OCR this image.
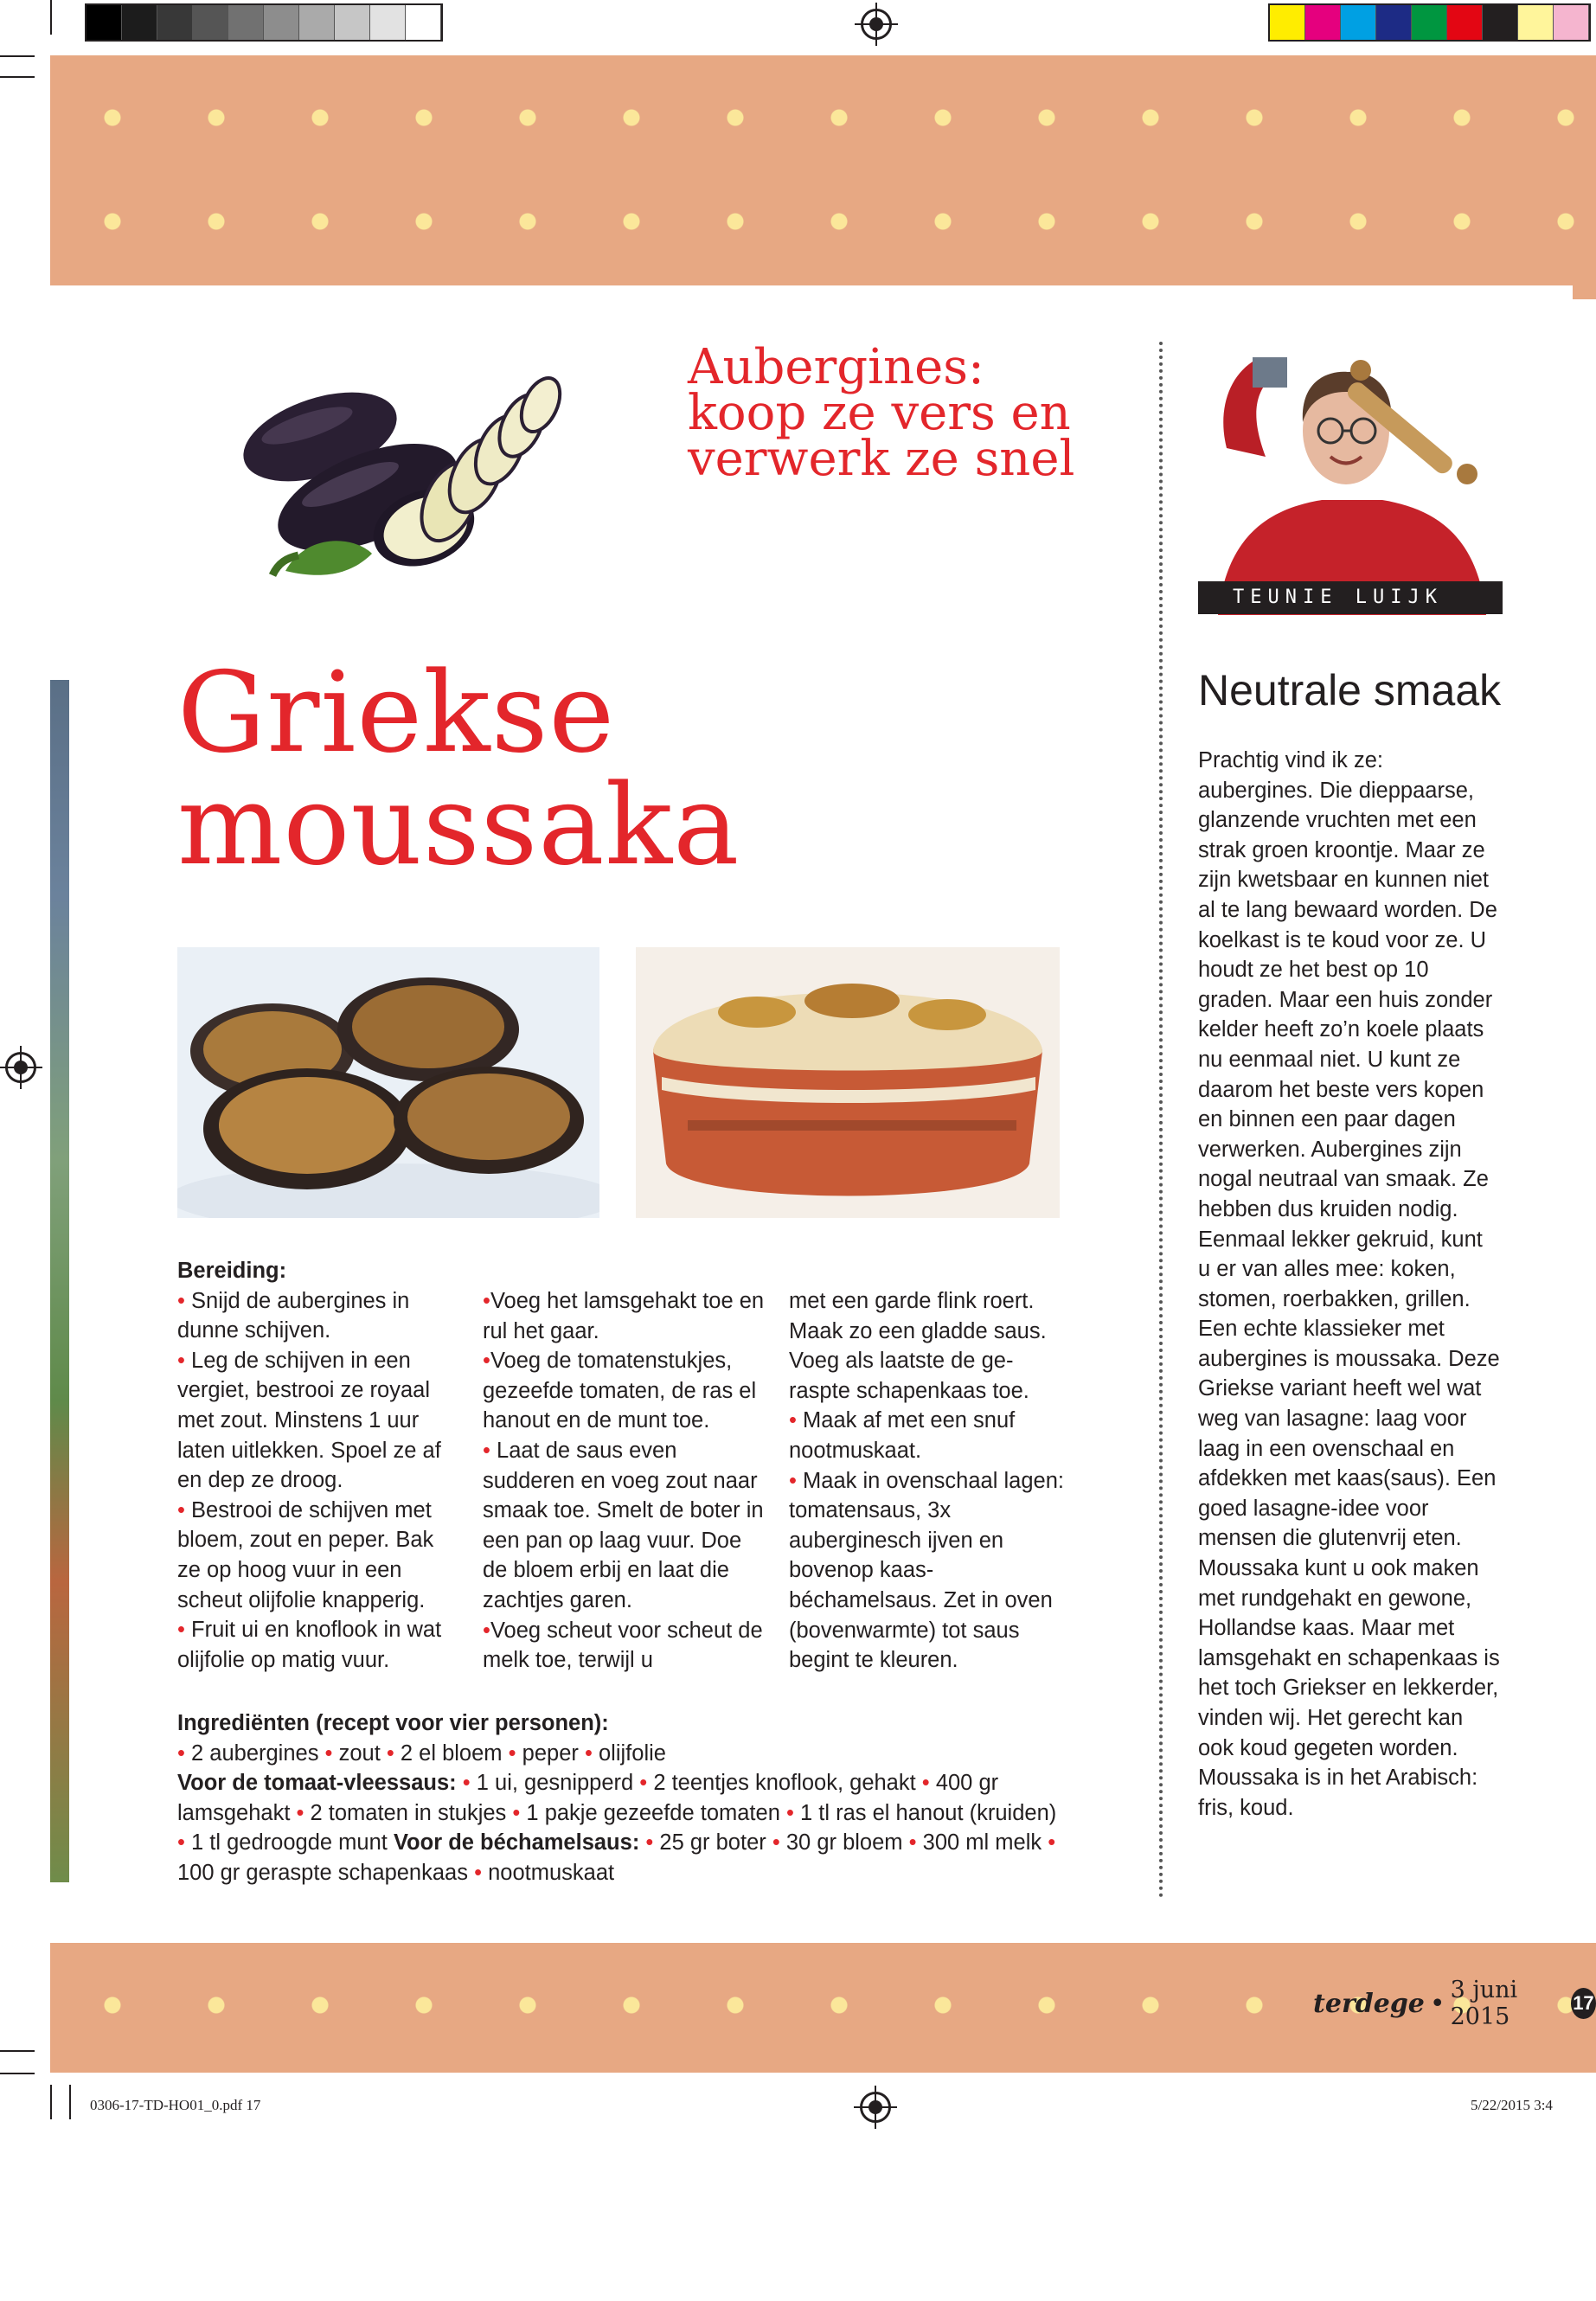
Aubergines: koop ze vers en verwerk ze snel
TEUNIE LUIJK
Griekse
moussaka

Bereiding:

• Snijd de aubergines in dunne schijven.

• Leg de schijven in een vergiet, bestrooi ze royaal met zout. Minstens 1 uur laten uitlekken. Spoel ze af en dep ze droog.

• Bestrooi de schijven met bloem, zout en peper. Bak ze op hoog vuur in een scheut olijfolie knapperig.

• Fruit ui en knoflook in wat olijfolie op matig vuur.

•Voeg het lamsgehakt toe en rul het gaar.

•Voeg de tomatenstukjes, gezeefde tomaten, de ras el hanout en de munt toe.

• Laat de saus even sudderen en voeg zout naar smaak toe. Smelt de boter in een pan op laag vuur. Doe de bloem erbij en laat die zachtjes garen.

•Voeg scheut voor scheut de melk toe, terwijl u

met een garde flink roert. Maak zo een gladde saus. Voeg als laatste de ge-raspte schapenkaas toe.

• Maak af met een snuf nootmuskaat.

• Maak in ovenschaal lagen: tomatensaus, 3x auberginesch ijven en bovenop kaas-béchamelsaus. Zet in oven (bovenwarmte) tot saus begint te kleuren.

Ingrediënten (recept voor vier personen):

• 2 aubergines • zout • 2 el bloem • peper • olijfolie

Voor de tomaat-vleessaus: • 1 ui, gesnipperd • 2 teentjes knoflook, gehakt • 400 gr lamsgehakt • 2 tomaten in stukjes • 1 pakje gezeefde tomaten • 1 tl ras el hanout (kruiden) • 1 tl gedroogde munt Voor de béchamelsaus: • 25 gr boter • 30 gr bloem • 300 ml melk • 100 gr geraspte schapenkaas • nootmuskaat

Neutrale smaak

Prachtig vind ik ze: aubergines. Die dieppaarse, glanzende vruchten met een strak groen kroontje. Maar ze zijn kwetsbaar en kunnen niet al te lang bewaard worden. De koelkast is te koud voor ze. U houdt ze het best op 10 graden. Maar een huis zonder kelder heeft zo’n koele plaats nu eenmaal niet. U kunt ze daarom het beste vers kopen en binnen een paar dagen verwerken. Aubergines zijn nogal neutraal van smaak. Ze hebben dus kruiden nodig. Eenmaal lekker gekruid, kunt u er van alles mee: koken, stomen, roerbakken, grillen. Een echte klassieker met aubergines is moussaka. Deze Griekse variant heeft wel wat weg van lasagne: laag voor laag in een ovenschaal en afdekken met kaas(saus). Een goed lasagne-idee voor mensen die glutenvrij eten. Moussaka kunt u ook maken met rundgehakt en gewone, Hollandse kaas. Maar met lamsgehakt en schapenkaas is het toch Griekser en lekkerder, vinden wij. Het gerecht kan ook koud gegeten worden. Moussaka is in het Arabisch: fris, koud.

terdege • 3 juni 2015
17
0306-17-TD-HO01_0.pdf 17	5/22/2015 3:4
